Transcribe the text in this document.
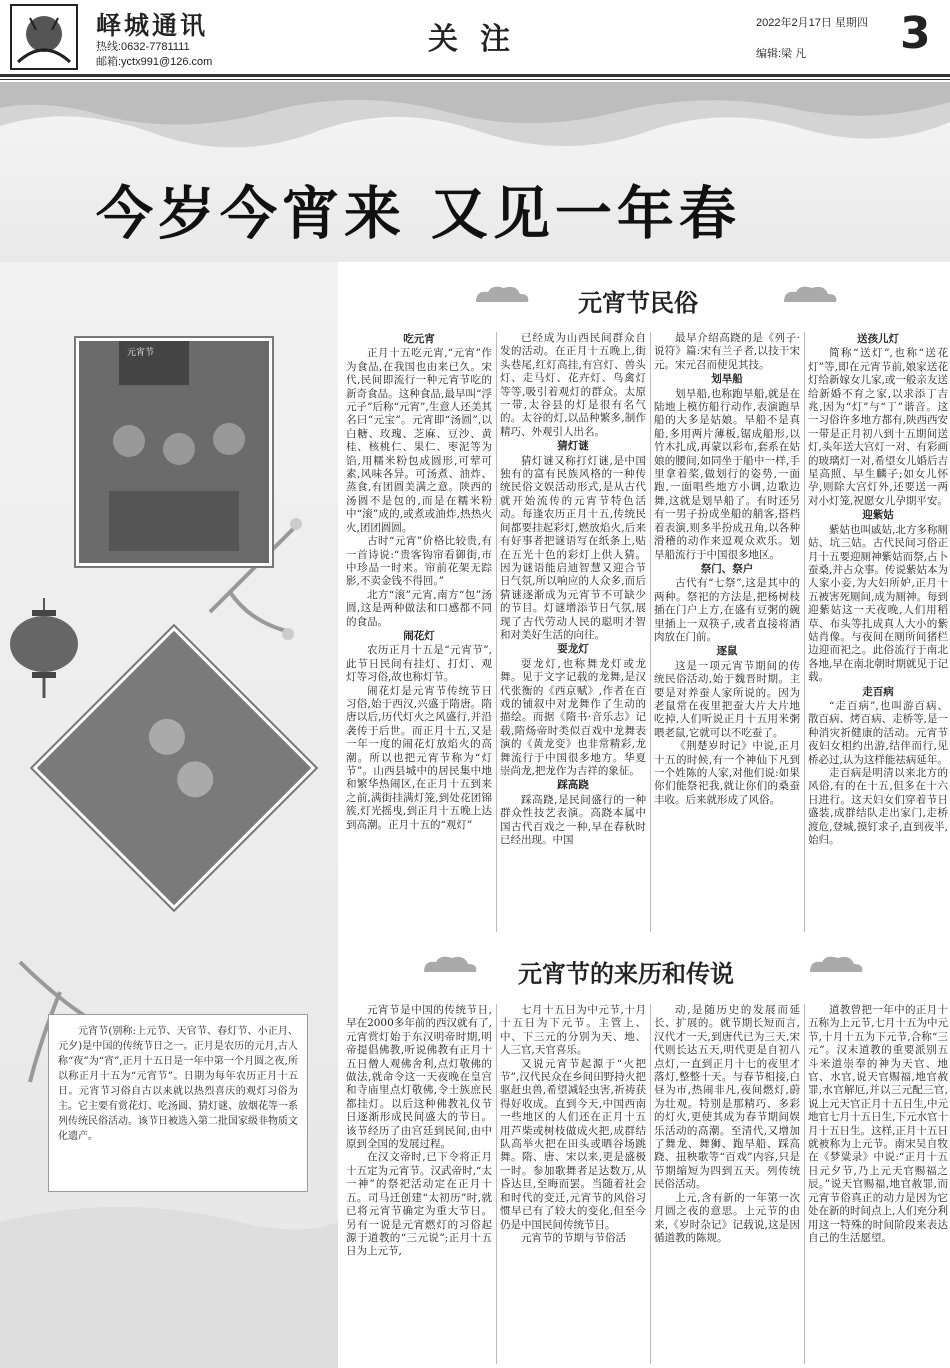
峄城通讯
热线:0632-7781111
邮箱:yctx991@126.com
关注	2022年2月17日 星期四
编辑:梁 凡 3
今岁今宵来 又见一年春
元宵节
元宵节(别称:上元节、天官节、春灯节、小正月、元夕)是中国的传统节日之一。正月是农历的元月,古人称“夜”为“宵”,正月十五日是一年中第一个月圆之夜,所以称正月十五为“元宵节”。日期为每年农历正月十五日。元宵节习俗自古以来就以热烈喜庆的观灯习俗为主。它主要有赏花灯、吃汤圆、猜灯谜、放烟花等一系列传统民俗活动。该节日被选入第二批国家级非物质文化遗产。
元宵节民俗

吃元宵

正月十五吃元宵,“元宵”作为食品,在我国也由来已久。宋代,民间即流行一种元宵节吃的新奇食品。这种食品,最早叫“浮元子”后称“元宵”,生意人还美其名曰“元宝”。元宵即“汤圆”,以白糖、玫瑰、芝麻、豆沙、黄桂、核桃仁、果仁、枣泥等为馅,用糯米粉包成圆形,可荤可素,风味各异。可汤煮、油炸、蒸食,有团圆美满之意。陕西的汤圆不是包的,而是在糯米粉中“滚”成的,或煮或油炸,热热火火,团团圆圆。

古时“元宵”价格比较贵,有一首诗说:“贵客钩帘看御街,市中珍品一时来。帘前花架无踪影,不卖金钱不得回。”

北方“滚”元宵,南方“包”汤圆,这是两种做法和口感都不同的食品。

闹花灯

农历正月十五是“元宵节”,此节日民间有挂灯、打灯、观灯等习俗,故也称灯节。

闹花灯是元宵节传统节日习俗,始于西汉,兴盛于隋唐。隋唐以后,历代灯火之风盛行,并沿袭传于后世。而正月十五,又是一年一度的闹花灯放焰火的高潮。所以也把元宵节称为“灯节”。山西县城中的居民集中地和繁华热闹区,在正月十五到来之前,满街挂满灯笼,到处花团锦簇,灯光摇曳,到正月十五晚上达到高潮。正月十五的“观灯”

已经成为山西民间群众自发的活动。在正月十五晚上,街头巷尾,红灯高挂,有宫灯、兽头灯、走马灯、花卉灯、鸟禽灯等等,吸引着观灯的群众。太原一带,太谷县的灯是很有名气的。太谷的灯,以品种繁多,制作精巧、外观引人出名。

猜灯谜

猜灯谜又称打灯谜,是中国独有的富有民族风格的一种传统民俗文娱活动形式,是从古代就开始流传的元宵节特色活动。每逢农历正月十五,传统民间都要挂起彩灯,燃放焰火,后来有好事者把谜语写在纸条上,贴在五光十色的彩灯上供人猜。因为谜语能启迪智慧又迎合节日气氛,所以响应的人众多,而后猜谜逐渐成为元宵节不可缺少的节目。灯谜增添节日气氛,展现了古代劳动人民的聪明才智和对美好生活的向往。

耍龙灯

耍龙灯,也称舞龙灯或龙舞。见于文字记载的龙舞,是汉代张衡的《西京赋》,作者在百戏的铺叙中对龙舞作了生动的描绘。而据《隋书·音乐志》记载,隋炀帝时类似百戏中龙舞表演的《黄龙变》也非常精彩,龙舞流行于中国很多地方。华夏崇尚龙,把龙作为吉祥的象征。

踩高跷

踩高跷,是民间盛行的一种群众性技艺表演。高跷本属中国古代百戏之一种,早在春秋时已经出现。中国

最早介绍高跷的是《列子·说符》篇:宋有兰子者,以技干宋元。宋元召而使见其技。

划旱船

划旱船,也称跑旱船,就是在陆地上模仿船行动作,表演跑旱船的大多是姑娘。旱船不是真船,多用两片薄板,锯成船形,以竹木扎成,再蒙以彩布,套系在姑娘的腰间,如同坐于船中一样,手里拿着桨,做划行的姿势,一面跑,一面唱些地方小调,边歌边舞,这就是划旱船了。有时还另有一男子扮成坐船的艄客,搭档着表演,则多半扮成丑角,以各种滑稽的动作来逗观众欢乐。划旱船流行于中国很多地区。

祭门、祭户

古代有“七祭”,这是其中的两种。祭祀的方法是,把杨树枝插在门户上方,在盛有豆粥的碗里插上一双筷子,或者直接将酒肉放在门前。

逐鼠

这是一项元宵节期间的传统民俗活动,始于魏晋时期。主要是对养蚕人家所说的。因为老鼠常在夜里把蚕大片大片地吃掉,人们听说正月十五用米粥喂老鼠,它就可以不吃蚕了。

《荆楚岁时记》中说,正月十五的时候,有一个神仙下凡到一个姓陈的人家,对他们说:如果你们能祭祀我,就让你们的桑蚕丰收。后来就形成了风俗。

送孩儿灯

简称“送灯”,也称“送花灯”等,即在元宵节前,娘家送花灯给新嫁女儿家,或一般亲友送给新婚不育之家,以求添丁吉兆,因为“灯”与“丁”谐音。这一习俗许多地方都有,陕西西安一带是正月初八到十五期间送灯,头年送大宫灯一对、有彩画的玻璃灯一对,希望女儿婚后吉星高照、早生麟子;如女儿怀孕,则除大宫灯外,还要送一两对小灯笼,祝愿女儿孕期平安。

迎紫姑

紫姑也叫戚姑,北方多称厕姑、坑三姑。古代民间习俗正月十五要迎厕神紫姑而祭,占卜蚕桑,并占众事。传说紫姑本为人家小妾,为大妇所妒,正月十五被害死厕间,成为厕神。每到迎紫姑这一天夜晚,人们用稻草、布头等扎成真人大小的紫姑肖像。与夜间在厕所间猪栏边迎而祀之。此俗流行于南北各地,早在南北朝时期就见于记载。

走百病

“走百病”,也叫游百病、散百病、烤百病、走桥等,是一种消灾祈健康的活动。元宵节夜妇女相约出游,结伴而行,见桥必过,认为这样能祛病延年。

走百病是明清以来北方的风俗,有的在十五,但多在十六日进行。这天妇女们穿着节日盛装,成群结队走出家门,走桥渡危,登城,摸钉求子,直到夜半,始归。

元宵节的来历和传说

元宵节是中国的传统节日,早在2000多年前的西汉就有了,元宵赏灯始于东汉明帝时期,明帝提倡佛教,听说佛教有正月十五日僧人观佛舍利,点灯敬佛的做法,就命令这一天夜晚在皇宫和寺庙里点灯敬佛,令士族庶民都挂灯。以后这种佛教礼仪节日逐渐形成民间盛大的节日。该节经历了由宫廷到民间,由中原到全国的发展过程。

在汉文帝时,已下令将正月十五定为元宵节。汉武帝时,“太一神”的祭祀活动定在正月十五。司马迁创建“太初历”时,就已将元宵节确定为重大节日。另有一说是元宵燃灯的习俗起源于道教的“三元说”;正月十五日为上元节,

七月十五日为中元节,十月十五日为下元节。主管上、中、下三元的分别为天、地、人三官,天官喜乐。

又说元宵节起源于“火把节”,汉代民众在乡间田野持火把驱赶虫兽,希望减轻虫害,祈祷获得好收成。直到今天,中国西南一些地区的人们还在正月十五用芦柴或树枝做成火把,成群结队高举火把在田头或晒谷场跳舞。隋、唐、宋以来,更是盛极一时。参加歌舞者足达数万,从昏达旦,至晦而罢。当随着社会和时代的变迁,元宵节的风俗习惯早已有了较大的变化,但至今仍是中国民间传统节日。

元宵节的节期与节俗活

动,是随历史的发展而延长、扩展的。就节期长短而言,汉代才一天,到唐代已为三天,宋代则长达五天,明代更是自初八点灯,一直到正月十七的夜里才落灯,整整十天。与春节相接,白昼为市,热闹非凡,夜间燃灯,蔚为壮观。特别是那精巧、多彩的灯火,更使其成为春节期间娱乐活动的高潮。至清代,又增加了舞龙、舞狮、跑旱船、踩高跷、扭秧歌等“百戏”内容,只是节期缩短为四到五天。列传统民俗活动。

上元,含有新的一年第一次月圆之夜的意思。上元节的由来,《岁时杂记》记载说,这是因循道教的陈规。

道教曾把一年中的正月十五称为上元节,七月十五为中元节,十月十五为下元节,合称“三元”。汉末道教的重要派别五斗米道崇奉的神为天官、地官、水官,说天官赐福,地官赦罪,水官解厄,并以三元配三官,说上元天官正月十五日生,中元地官七月十五日生,下元水官十月十五日生。这样,正月十五日就被称为上元节。南宋吴自牧在《梦粱录》中说:“正月十五日元夕节,乃上元天官赐福之辰。”说天官赐福,地官赦罪,而元宵节俗真正的动力是因为它处在新的时间点上,人们充分利用这一特殊的时间阶段来表达自己的生活愿望。
